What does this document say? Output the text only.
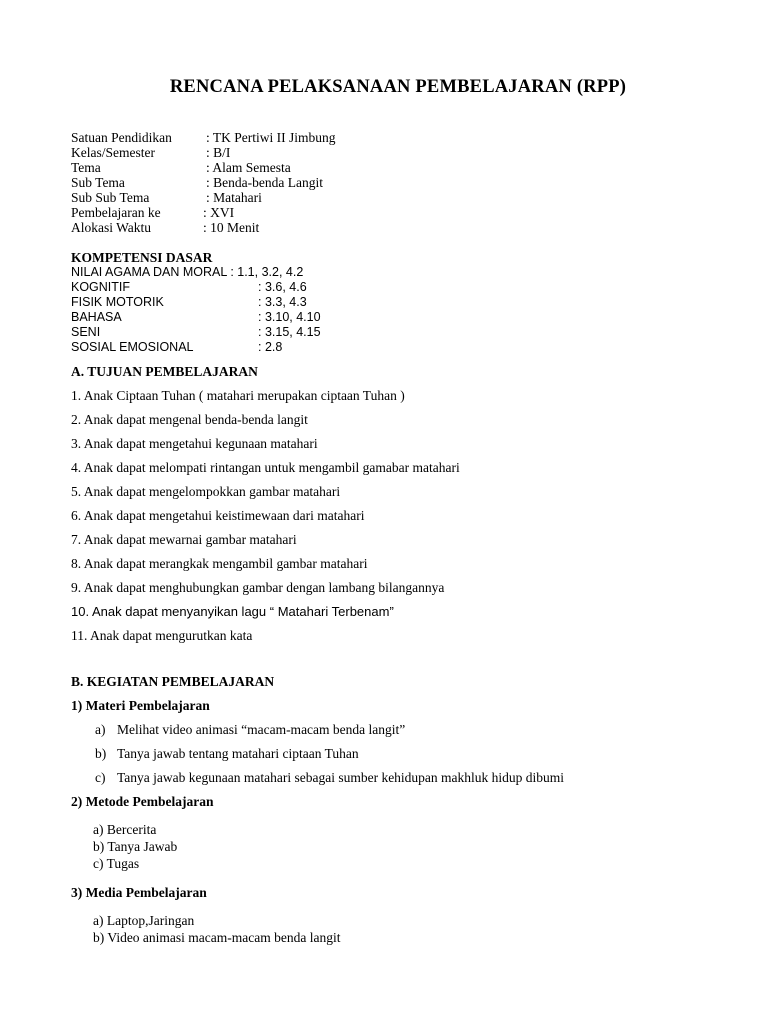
RENCANA PELAKSANAAN PEMBELAJARAN (RPP)
Satuan Pendidikan	: TK Pertiwi II Jimbung
Kelas/Semester	: B/I
Tema	: Alam Semesta
Sub Tema	: Benda-benda Langit
Sub Sub Tema	: Matahari
Pembelajaran ke	: XVI
Alokasi Waktu	: 10 Menit
KOMPETENSI DASAR
NILAI AGAMA DAN MORAL : 1.1, 3.2, 4.2
KOGNITIF	: 3.6, 4.6
FISIK MOTORIK	: 3.3, 4.3
BAHASA	: 3.10, 4.10
SENI	: 3.15, 4.15
SOSIAL EMOSIONAL	: 2.8
A. TUJUAN PEMBELAJARAN
1. Anak Ciptaan Tuhan ( matahari merupakan ciptaan Tuhan )
2. Anak dapat mengenal benda-benda langit
3. Anak dapat mengetahui kegunaan matahari
4. Anak dapat melompati rintangan untuk mengambil gamabar matahari
5. Anak dapat mengelompokkan gambar matahari
6. Anak dapat mengetahui keistimewaan dari matahari
7. Anak dapat mewarnai gambar matahari
8. Anak dapat merangkak mengambil gambar matahari
9. Anak dapat menghubungkan gambar dengan lambang bilangannya
10. Anak dapat menyanyikan lagu “ Matahari Terbenam”
11. Anak dapat mengurutkan kata
B. KEGIATAN PEMBELAJARAN
1) Materi Pembelajaran
a) Melihat video animasi “macam-macam benda langit”
b) Tanya jawab tentang matahari ciptaan Tuhan
c) Tanya jawab kegunaan matahari sebagai sumber kehidupan makhluk hidup dibumi
2) Metode Pembelajaran
a) Bercerita
b) Tanya Jawab
c) Tugas
3) Media Pembelajaran
a) Laptop,Jaringan
b) Video animasi macam-macam benda langit
